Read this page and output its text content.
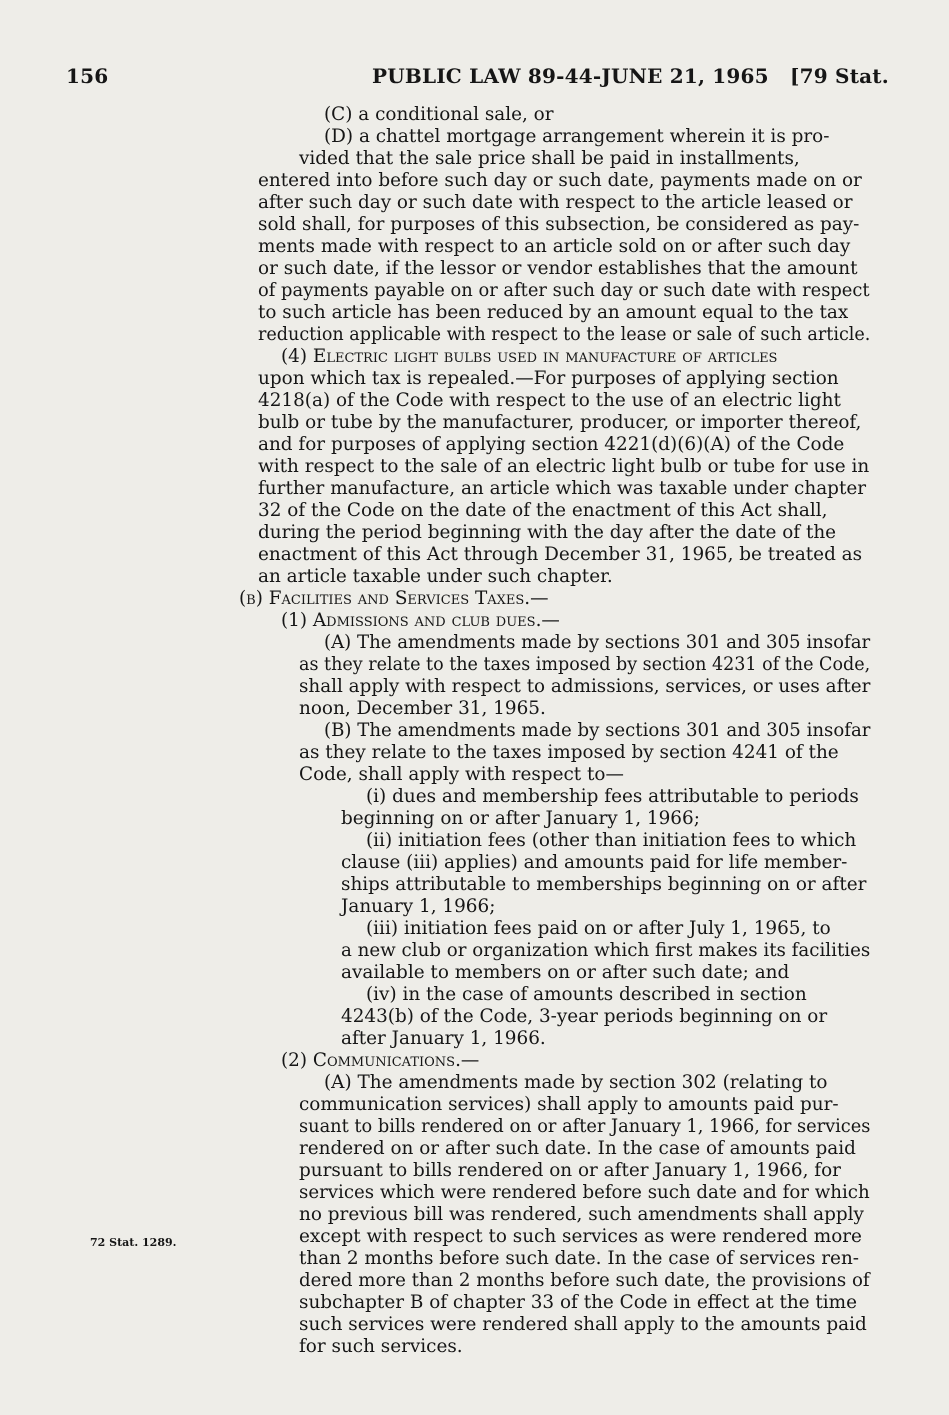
156	PUBLIC LAW 89-44-JUNE 21, 1965 [79 Stat.
72 Stat. 1289.
(C) a conditional sale, or
(D) a chattel mortgage arrangement wherein it is pro-
vided that the sale price shall be paid in installments,
entered into before such day or such date, payments made on or
after such day or such date with respect to the article leased or
sold shall, for purposes of this subsection, be considered as pay-
ments made with respect to an article sold on or after such day
or such date, if the lessor or vendor establishes that the amount
of payments payable on or after such day or such date with respect
to such article has been reduced by an amount equal to the tax
reduction applicable with respect to the lease or sale of such article.
(4) Electric light bulbs used in manufacture of articles
upon which tax is repealed.—For purposes of applying section
4218(a) of the Code with respect to the use of an electric light
bulb or tube by the manufacturer, producer, or importer thereof,
and for purposes of applying section 4221(d)(6)(A) of the Code
with respect to the sale of an electric light bulb or tube for use in
further manufacture, an article which was taxable under chapter
32 of the Code on the date of the enactment of this Act shall,
during the period beginning with the day after the date of the
enactment of this Act through December 31, 1965, be treated as
an article taxable under such chapter.
(b) Facilities and Services Taxes.—
(1) Admissions and club dues.—
(A) The amendments made by sections 301 and 305 insofar
as they relate to the taxes imposed by section 4231 of the Code,
shall apply with respect to admissions, services, or uses after
noon, December 31, 1965.
(B) The amendments made by sections 301 and 305 insofar
as they relate to the taxes imposed by section 4241 of the
Code, shall apply with respect to—
(i) dues and membership fees attributable to periods
beginning on or after January 1, 1966;
(ii) initiation fees (other than initiation fees to which
clause (iii) applies) and amounts paid for life member-
ships attributable to memberships beginning on or after
January 1, 1966;
(iii) initiation fees paid on or after July 1, 1965, to
a new club or organization which first makes its facilities
available to members on or after such date; and
(iv) in the case of amounts described in section
4243(b) of the Code, 3-year periods beginning on or
after January 1, 1966.
(2) Communications.—
(A) The amendments made by section 302 (relating to
communication services) shall apply to amounts paid pur-
suant to bills rendered on or after January 1, 1966, for services
rendered on or after such date. In the case of amounts paid
pursuant to bills rendered on or after January 1, 1966, for
services which were rendered before such date and for which
no previous bill was rendered, such amendments shall apply
except with respect to such services as were rendered more
than 2 months before such date. In the case of services ren-
dered more than 2 months before such date, the provisions of
subchapter B of chapter 33 of the Code in effect at the time
such services were rendered shall apply to the amounts paid
for such services.
